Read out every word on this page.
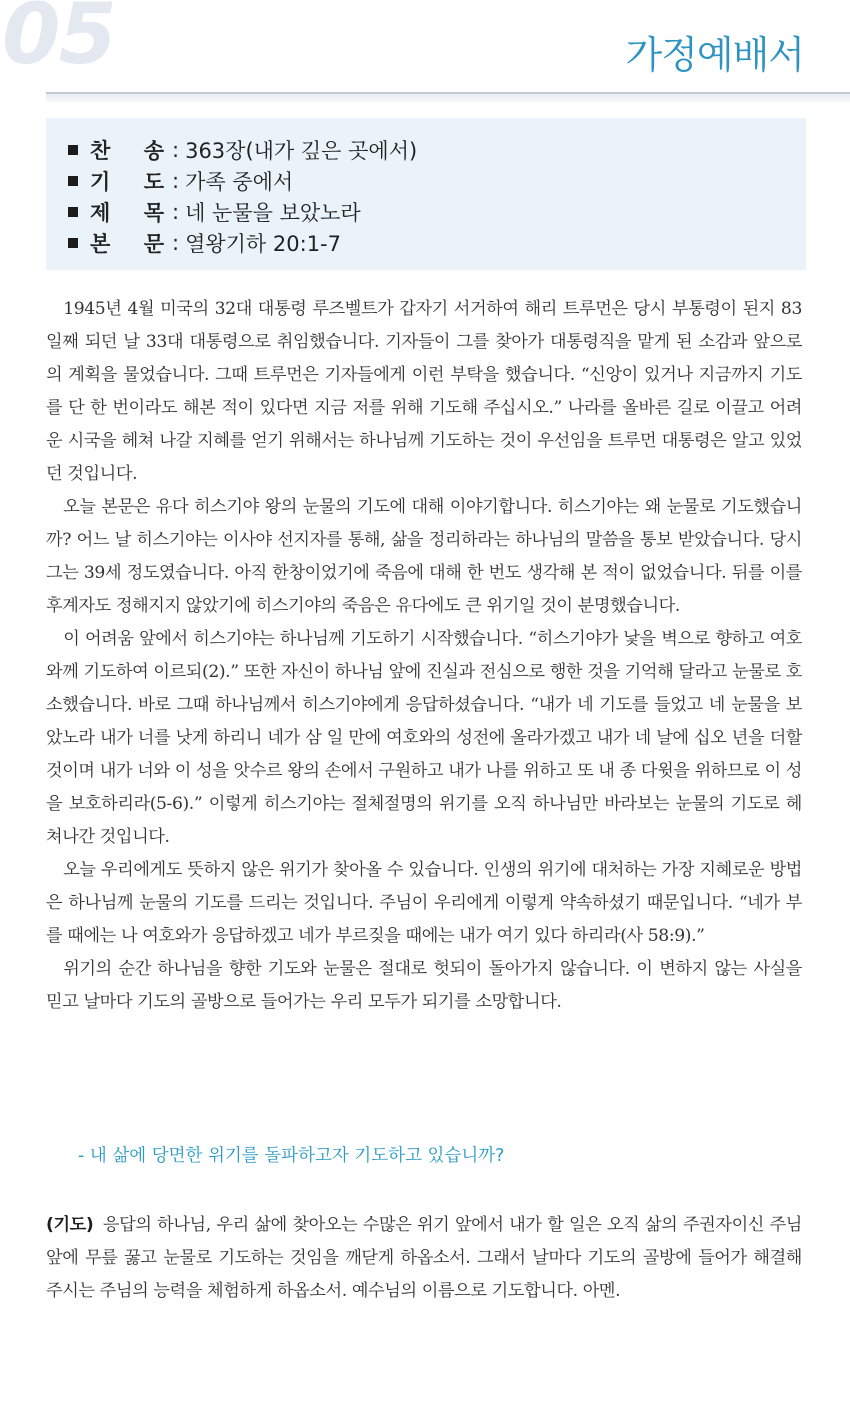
05	가정예배서
찬 송 : 363장(내가 깊은 곳에서)
기 도 : 가족 중에서
제 목 : 네 눈물을 보았노라
본 문 : 열왕기하 20:1-7

1945년 4월 미국의 32대 대통령 루즈벨트가 갑자기 서거하여 해리 트루먼은 당시 부통령이 된지 83일째 되던 날 33대 대통령으로 취임했습니다. 기자들이 그를 찾아가 대통령직을 맡게 된 소감과 앞으로의 계획을 물었습니다. 그때 트루먼은 기자들에게 이런 부탁을 했습니다. “신앙이 있거나 지금까지 기도를 단 한 번이라도 해본 적이 있다면 지금 저를 위해 기도해 주십시오.” 나라를 올바른 길로 이끌고 어려운 시국을 헤쳐 나갈 지혜를 얻기 위해서는 하나님께 기도하는 것이 우선임을 트루먼 대통령은 알고 있었던 것입니다.

오늘 본문은 유다 히스기야 왕의 눈물의 기도에 대해 이야기합니다. 히스기야는 왜 눈물로 기도했습니까? 어느 날 히스기야는 이사야 선지자를 통해, 삶을 정리하라는 하나님의 말씀을 통보 받았습니다. 당시 그는 39세 정도였습니다. 아직 한창이었기에 죽음에 대해 한 번도 생각해 본 적이 없었습니다. 뒤를 이를 후계자도 정해지지 않았기에 히스기야의 죽음은 유다에도 큰 위기일 것이 분명했습니다.

이 어려움 앞에서 히스기야는 하나님께 기도하기 시작했습니다. “히스기야가 낯을 벽으로 향하고 여호와께 기도하여 이르되(2).” 또한 자신이 하나님 앞에 진실과 전심으로 행한 것을 기억해 달라고 눈물로 호소했습니다. 바로 그때 하나님께서 히스기야에게 응답하셨습니다. “내가 네 기도를 들었고 네 눈물을 보았노라 내가 너를 낫게 하리니 네가 삼 일 만에 여호와의 성전에 올라가겠고 내가 네 날에 십오 년을 더할 것이며 내가 너와 이 성을 앗수르 왕의 손에서 구원하고 내가 나를 위하고 또 내 종 다윗을 위하므로 이 성을 보호하리라(5-6).” 이렇게 히스기야는 절체절명의 위기를 오직 하나님만 바라보는 눈물의 기도로 헤쳐나간 것입니다.

오늘 우리에게도 뜻하지 않은 위기가 찾아올 수 있습니다. 인생의 위기에 대처하는 가장 지혜로운 방법은 하나님께 눈물의 기도를 드리는 것입니다. 주님이 우리에게 이렇게 약속하셨기 때문입니다. “네가 부를 때에는 나 여호와가 응답하겠고 네가 부르짖을 때에는 내가 여기 있다 하리라(사 58:9).”

위기의 순간 하나님을 향한 기도와 눈물은 절대로 헛되이 돌아가지 않습니다. 이 변하지 않는 사실을 믿고 날마다 기도의 골방으로 들어가는 우리 모두가 되기를 소망합니다.

- 내 삶에 당면한 위기를 돌파하고자 기도하고 있습니까?
(기도) 응답의 하나님, 우리 삶에 찾아오는 수많은 위기 앞에서 내가 할 일은 오직 삶의 주권자이신 주님 앞에 무릎 꿇고 눈물로 기도하는 것임을 깨닫게 하옵소서. 그래서 날마다 기도의 골방에 들어가 해결해 주시는 주님의 능력을 체험하게 하옵소서. 예수님의 이름으로 기도합니다. 아멘.
